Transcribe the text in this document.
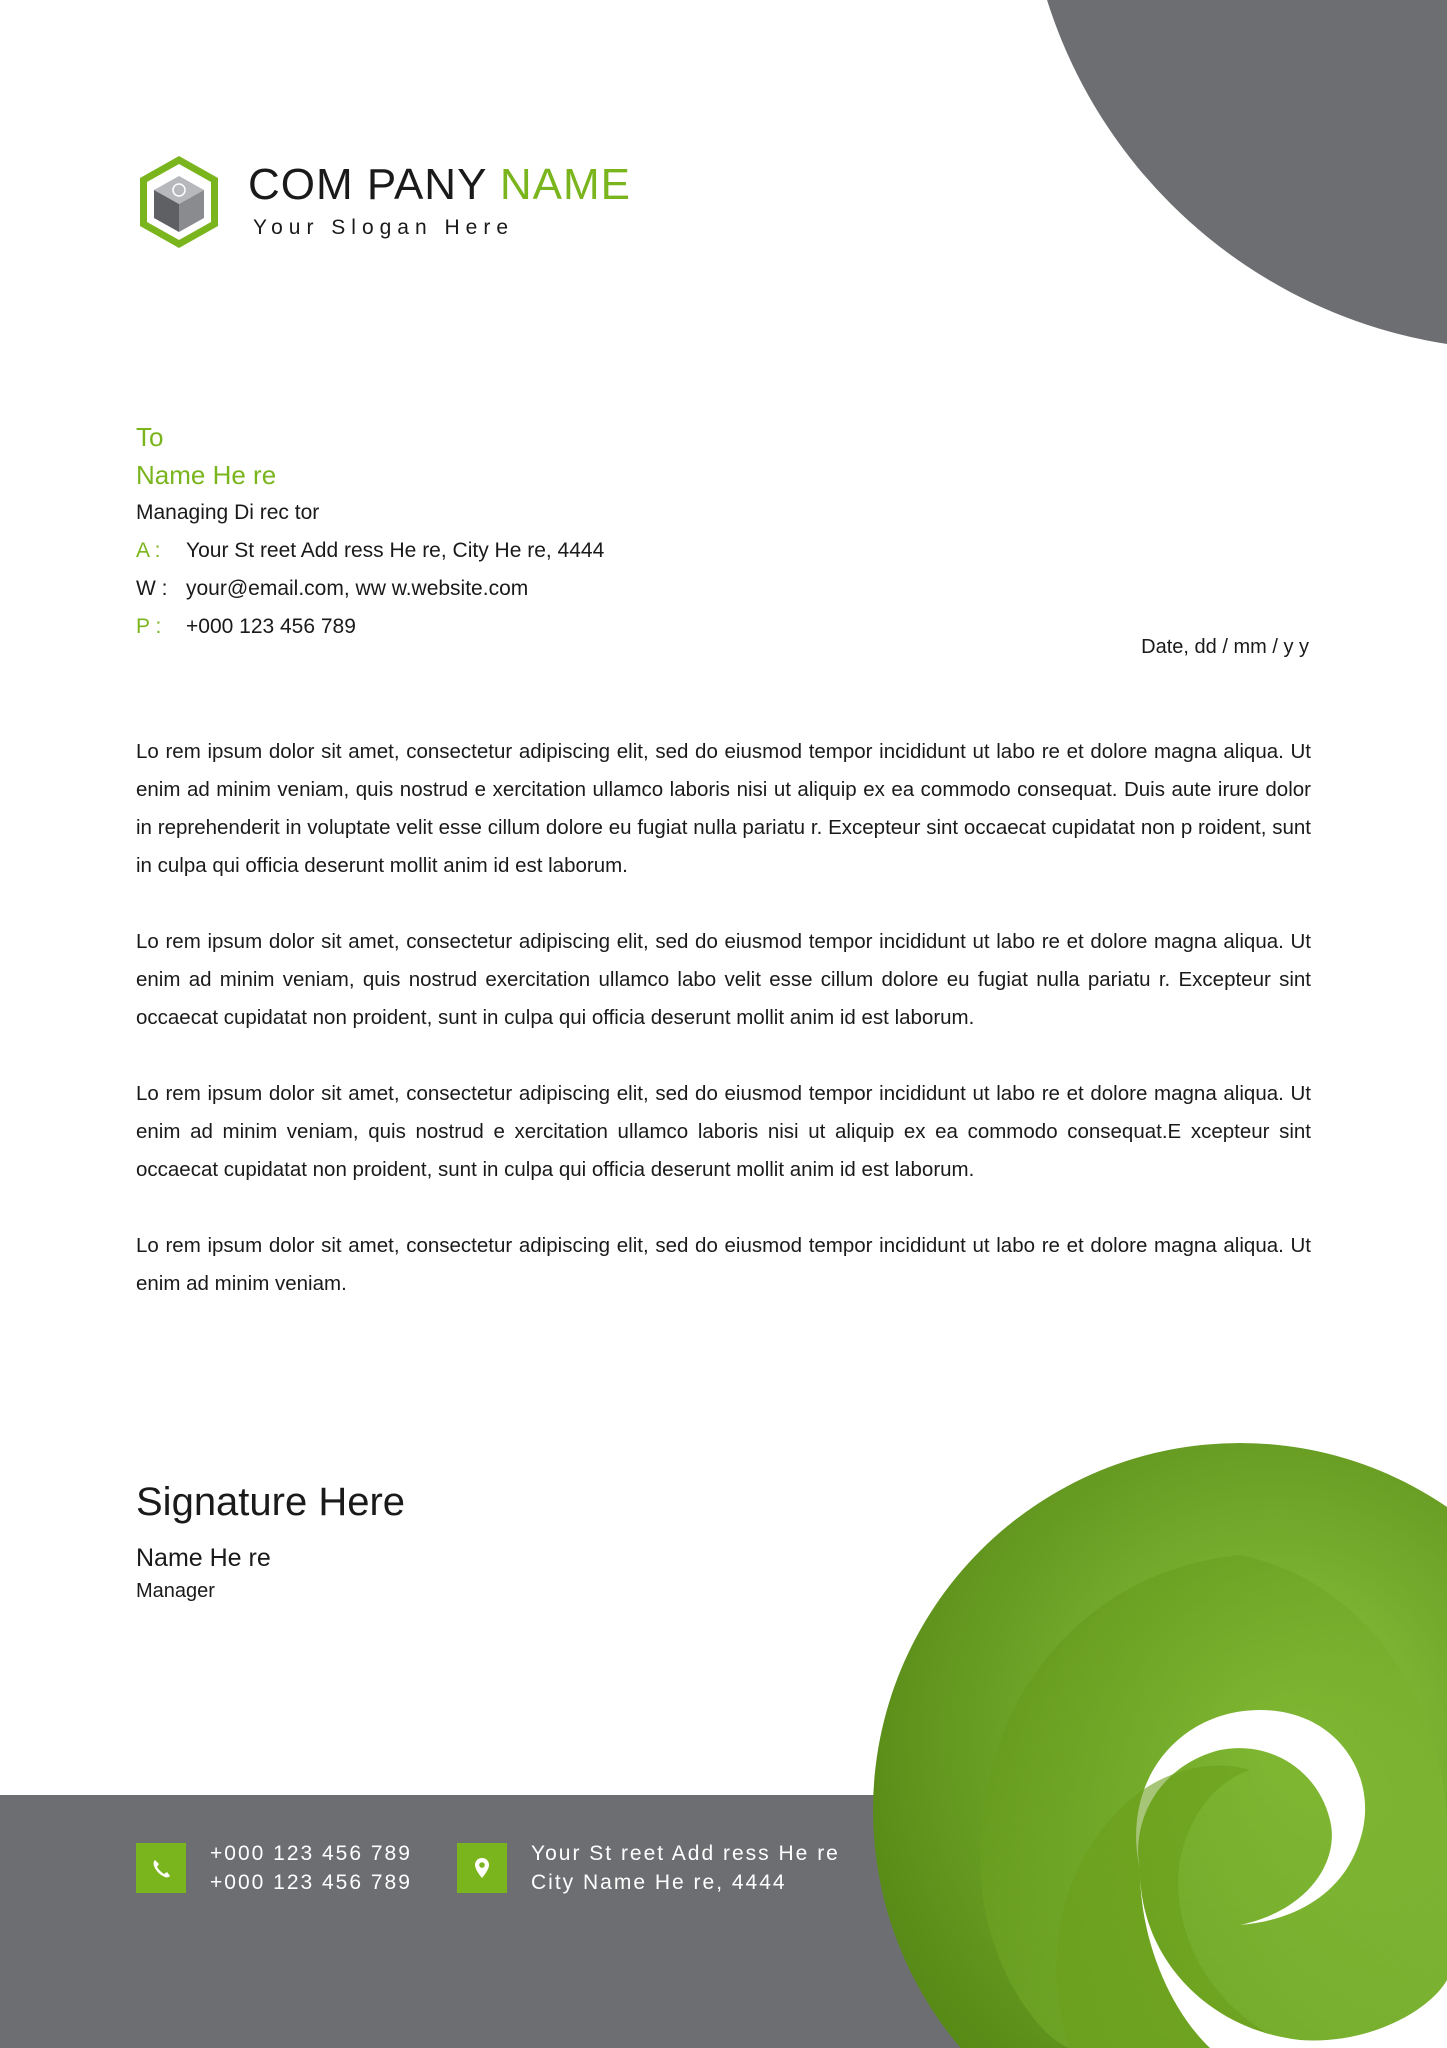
COM PANY NAME
Your Slogan Here
To
Name He re
Managing Di rec tor
A : Your St reet Add ress He re, City He re, 4444
W : your@email.com, ww w.website.com
P : +000 123 456 789
Date, dd / mm / y y

Lo rem ipsum dolor sit amet, consectetur adipiscing elit, sed do eiusmod tempor incididunt ut labo re et dolore magna aliqua. Ut enim ad minim veniam, quis nostrud e xercitation ullamco laboris nisi ut aliquip ex ea commodo consequat. Duis aute irure dolor in reprehenderit in voluptate velit esse cillum dolore eu fugiat nulla pariatu r. Excepteur sint occaecat cupidatat non p roident, sunt in culpa qui officia deserunt mollit anim id est laborum.

Lo rem ipsum dolor sit amet, consectetur adipiscing elit, sed do eiusmod tempor incididunt ut labo re et dolore magna aliqua. Ut enim ad minim veniam, quis nostrud exercitation ullamco labo velit esse cillum dolore eu fugiat nulla pariatu r. Excepteur sint occaecat cupidatat non proident, sunt in culpa qui officia deserunt mollit anim id est laborum.

Lo rem ipsum dolor sit amet, consectetur adipiscing elit, sed do eiusmod tempor incididunt ut labo re et dolore magna aliqua. Ut enim ad minim veniam, quis nostrud e xercitation ullamco laboris nisi ut aliquip ex ea commodo consequat.E xcepteur sint occaecat cupidatat non proident, sunt in culpa qui officia deserunt mollit anim id est laborum.

Lo rem ipsum dolor sit amet, consectetur adipiscing elit, sed do eiusmod tempor incididunt ut labo re et dolore magna aliqua. Ut enim ad minim veniam.

Signature Here
Name He re
Manager
+000 123 456 789
+000 123 456 789
Your St reet Add ress He re
City Name He re, 4444
